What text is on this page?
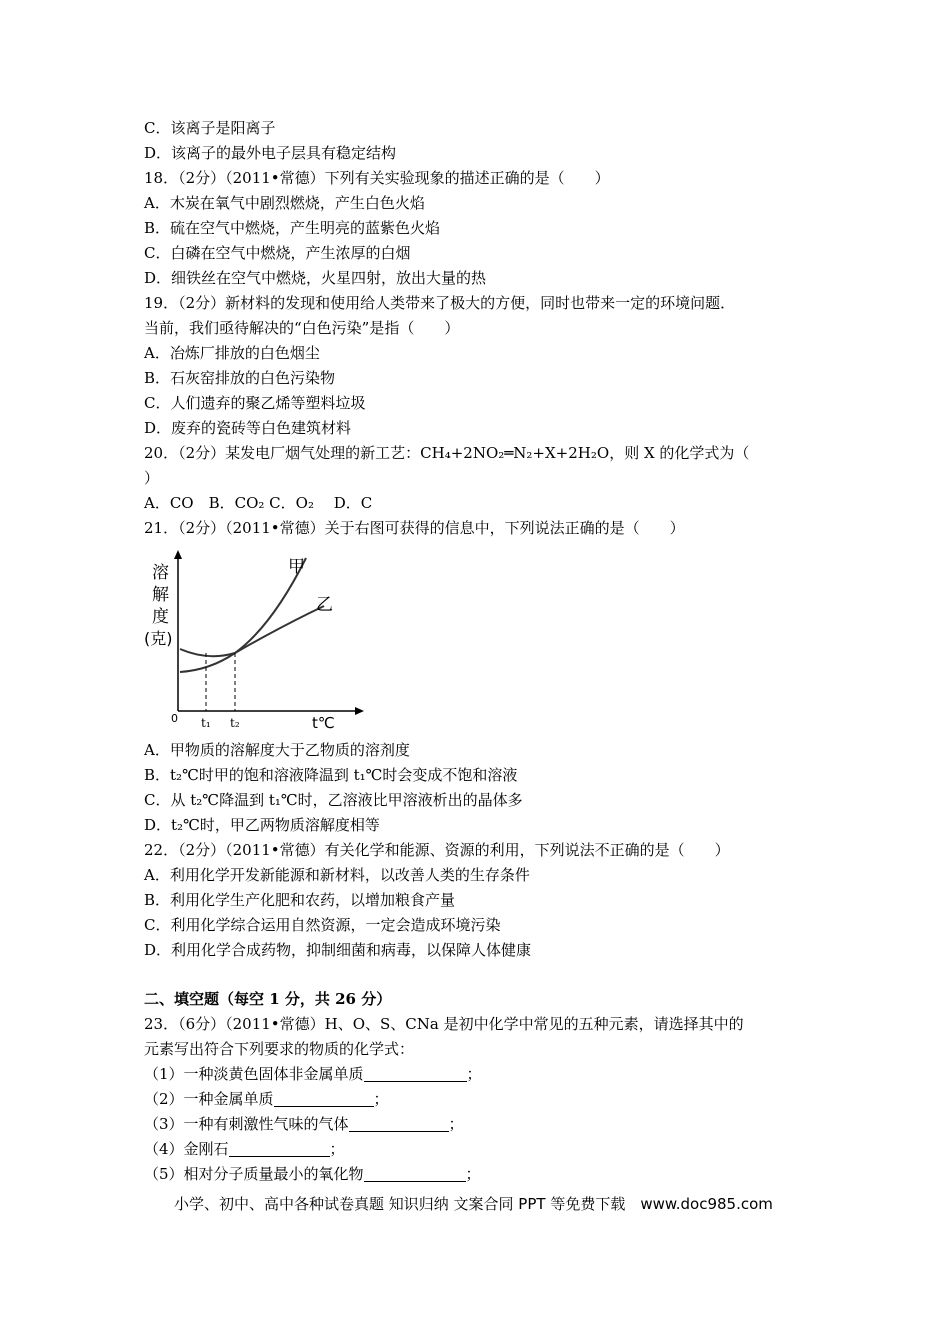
C．该离子是阳离子
D．该离子的最外电子层具有稳定结构
18．（2分）（2011•常德）下列有关实验现象的描述正确的是（　　）
A．木炭在氧气中剧烈燃烧，产生白色火焰
B．硫在空气中燃烧，产生明亮的蓝紫色火焰
C．白磷在空气中燃烧，产生浓厚的白烟
D．细铁丝在空气中燃烧，火星四射，放出大量的热
19．（2分）新材料的发现和使用给人类带来了极大的方便，同时也带来一定的环境问题．
当前，我们亟待解决的“白色污染”是指（　　）
A．冶炼厂排放的白色烟尘
B．石灰窑排放的白色污染物
C．人们遗弃的聚乙烯等塑料垃圾
D．废弃的瓷砖等白色建筑材料
20．（2分）某发电厂烟气处理的新工艺：CH₄+2NO₂═N₂+X+2H₂O，则 X 的化学式为（
）
A．CO　B．CO₂ C．O₂　 D．C
21．（2分）（2011•常德）关于右图可获得的信息中，下列说法正确的是（　　）
溶
解
度
(克)
0 t₁ t₂	t℃
甲
乙
A．甲物质的溶解度大于乙物质的溶剂度
B．t₂℃时甲的饱和溶液降温到 t₁℃时会变成不饱和溶液
C．从 t₂℃降温到 t₁℃时，乙溶液比甲溶液析出的晶体多
D．t₂℃时，甲乙两物质溶解度相等
22．（2分）（2011•常德）有关化学和能源、资源的利用，下列说法不正确的是（　　）
A．利用化学开发新能源和新材料，以改善人类的生存条件
B．利用化学生产化肥和农药，以增加粮食产量
C．利用化学综合运用自然资源，一定会造成环境污染
D．利用化学合成药物，抑制细菌和病毒，以保障人体健康
二、填空题（每空 1 分，共 26 分）
23．（6分）（2011•常德）H、O、S、CNa 是初中化学中常见的五种元素，请选择其中的
元素写出符合下列要求的物质的化学式：
（1）一种淡黄色固体非金属单质	；
（2）一种金属单质	；
（3）一种有刺激性气味的气体	；
（4）金刚石	；
（5）相对分子质量最小的氧化物	；
小学、初中、高中各种试卷真题 知识归纳 文案合同 PPT 等免费下载　www.doc985.com
